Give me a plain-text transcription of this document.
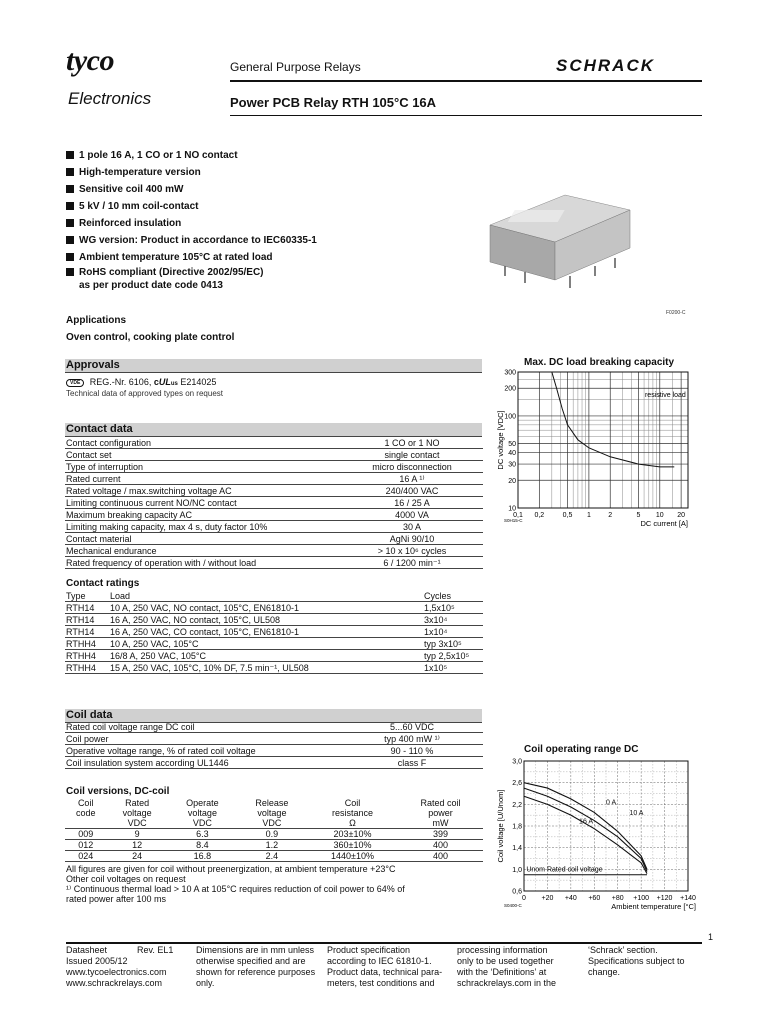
tyco
Electronics
General Purpose Relays	SCHRACK
Power PCB Relay RTH 105°C 16A
1 pole 16 A, 1 CO or 1 NO contact
High-temperature version
Sensitive coil 400 mW
5 kV / 10 mm coil-contact
Reinforced insulation
WG version: Product in accordance to IEC60335-1
Ambient temperature 105°C at rated load
RoHS compliant (Directive 2002/95/EC)
as per product date code 0413
F0200-C
Applications
Oven control, cooking plate control
Approvals
VDE REG.-Nr. 6106, cULus E214025
Technical data of approved types on request
Contact data
Contact configuration	1 CO or 1 NO
Contact set	single contact
Type of interruption	micro disconnection
Rated current	16 A ¹⁾
Rated voltage / max.switching voltage AC	240/400 VAC
Limiting continuous current NO/NC contact	16 / 25 A
Maximum breaking capacity AC	4000 VA
Limiting making capacity, max 4 s, duty factor 10%	30 A
Contact material	AgNi 90/10
Mechanical endurance	> 10 x 10⁶ cycles
Rated frequency of operation with / without load	6 / 1200 min⁻¹
Contact ratings
Type	Load	Cycles
RTH14	10 A, 250 VAC, NO contact, 105°C, EN61810-1	1,5x10⁵
RTH14	16 A, 250 VAC, NO contact, 105°C, UL508	3x10⁴
RTH14	16 A, 250 VAC, CO contact, 105°C, EN61810-1	1x10⁴
RTHH4	10 A, 250 VAC, 105°C	typ 3x10⁵
RTHH4	16/8 A, 250 VAC, 105°C	typ 2,5x10⁵
RTHH4	15 A, 250 VAC, 105°C, 10% DF, 7.5 min⁻¹, UL508	1x10⁵
Coil data
Rated coil voltage range DC coil	5...60 VDC
Coil power	typ 400 mW ¹⁾
Operative voltage range, % of rated coil voltage	90 - 110 %
Coil insulation system according UL1446	class F
Coil versions, DC-coil
Coil	Rated	Operate	Release	Coil	Rated coil
code	voltage	voltage	voltage	resistance	power
	VDC	VDC	VDC	Ω	mW
009	9	6.3	0.9	203±10%	399
012	12	8.4	1.2	360±10%	400
024	24	16.8	2.4	1440±10%	400
All figures are given for coil without preenergization, at ambient temperature +23°C
Other coil voltages on request
¹⁾ Continuous thermal load > 10 A at 105°C requires reduction of coil power to 64% of
rated power after 100 ms
Max. DC load breaking capacity
0,1 0,2	0,5 1 2	5 10 20
300
200
100
50
40
30
20
10
resistive load
DC voltage [VDC]
DC current [A]
S0H15-C
Coil operating range DC
0 +20 +40 +60 +80 +100 +120 +140
3,0
2,6
2,2
1,8
1,4
1,0
0,6
0 A
10 A
16 A
Unom Rated coil voltage
Coil voltage [U/Unom]
Ambient temperature [°C]
S0400-C
1
Datasheet            Rev. EL1
Issued 2005/12
www.tycoelectronics.com
www.schrackrelays.com
Dimensions are in mm unless
otherwise specified and are
shown for reference purposes
only.
Product specification
according to IEC 61810-1.
Product data, technical para-
meters, test conditions and
processing information
only to be used together
with the ‘Definitions’ at
schrackrelays.com in the
‘Schrack’ section.
Specifications subject to
change.
